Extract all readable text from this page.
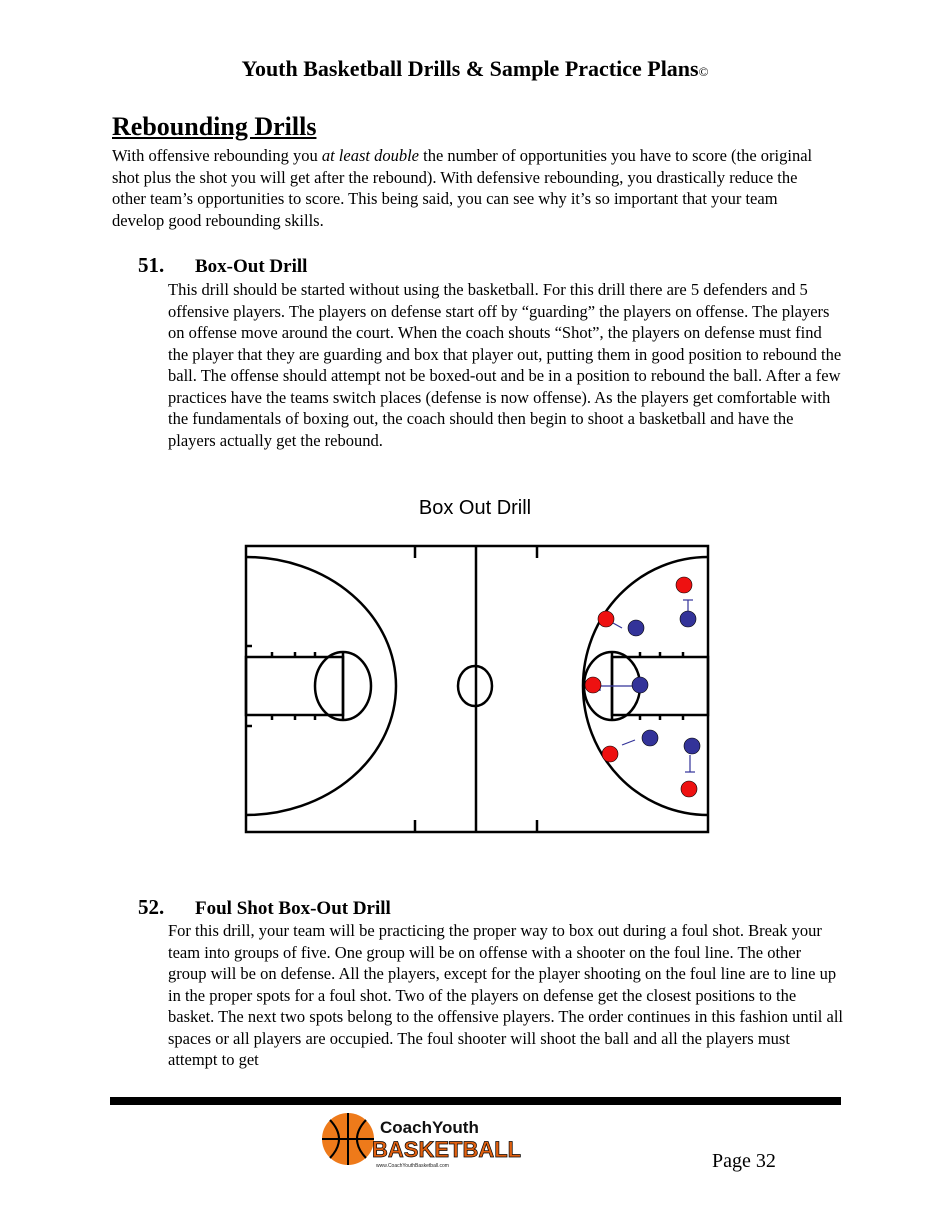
Youth Basketball Drills & Sample Practice Plans©
Rebounding Drills
With offensive rebounding you at least double the number of opportunities you have to score (the original shot plus the shot you will get after the rebound). With defensive rebounding, you drastically reduce the other team’s opportunities to score. This being said, you can see why it’s so important that your team develop good rebounding skills.
51. Box-Out Drill
This drill should be started without using the basketball. For this drill there are 5 defenders and 5 offensive players. The players on defense start off by “guarding” the players on offense. The players on offense move around the court. When the coach shouts “Shot”, the players on defense must find the player that they are guarding and box that player out, putting them in good position to rebound the ball. The offense should attempt not be boxed-out and be in a position to rebound the ball. After a few practices have the teams switch places (defense is now offense). As the players get comfortable with the fundamentals of boxing out, the coach should then begin to shoot a basketball and have the players actually get the rebound.
Box Out Drill
52. Foul Shot Box-Out Drill
For this drill, your team will be practicing the proper way to box out during a foul shot. Break your team into groups of five. One group will be on offense with a shooter on the foul line. The other group will be on defense. All the players, except for the player shooting on the foul line are to line up in the proper spots for a foul shot. Two of the players on defense get the closest positions to the basket. The next two spots belong to the offensive players. The order continues in this fashion until all spaces or all players are occupied. The foul shooter will shoot the ball and all the players must attempt to get
CoachYouth
BASKETBALL
www.CoachYouthBasketball.com	Page 32
